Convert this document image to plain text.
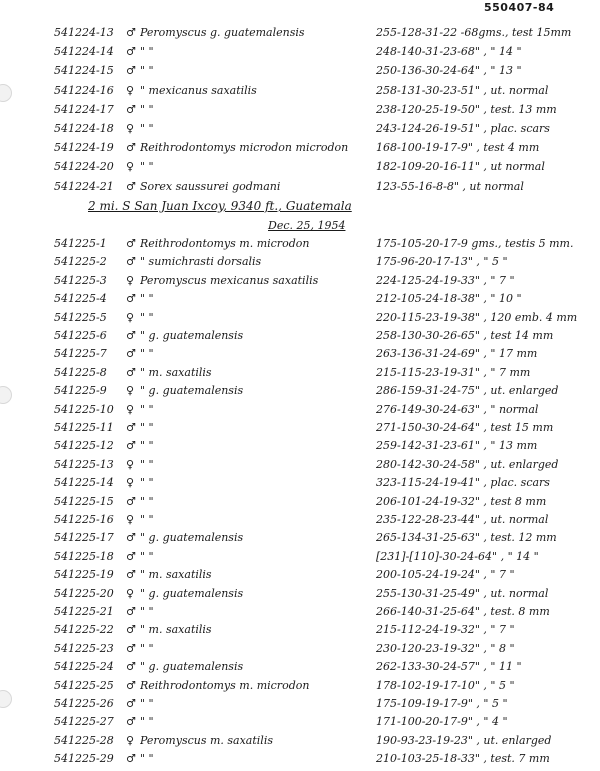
550407-84
541224-13 ♂ Peromyscus g. guatemalensis	255-128-31-22 -68gms., test 15mm
541224-14 ♂ " "	248-140-31-23-68" , " 14 "
541224-15 ♂ " "	250-136-30-24-64" , " 13 "
541224-16 ♀ " mexicanus saxatilis	258-131-30-23-51" , ut. normal
541224-17 ♂ " "	238-120-25-19-50" , test. 13 mm
541224-18 ♀ " "	243-124-26-19-51" , plac. scars
541224-19 ♂ Reithrodontomys microdon microdon	168-100-19-17-9" , test 4 mm
541224-20 ♀ " "	182-109-20-16-11" , ut normal
541224-21 ♂ Sorex saussurei godmani	123-55-16-8-8" , ut normal
2 mi. S San Juan Ixcoy, 9340 ft., Guatemala
Dec. 25, 1954
541225-1 ♂ Reithrodontomys m. microdon	175-105-20-17-9 gms., testis 5 mm.
541225-2 ♂ " sumichrasti dorsalis	175-96-20-17-13" , " 5 "
541225-3 ♀ Peromyscus mexicanus saxatilis	224-125-24-19-33" , " 7 "
541225-4 ♂ " "	212-105-24-18-38" , " 10 "
541225-5 ♀ " "	220-115-23-19-38" , 120 emb. 4 mm
541225-6 ♂ " g. guatemalensis	258-130-30-26-65" , test 14 mm
541225-7 ♂ " "	263-136-31-24-69" , " 17 mm
541225-8 ♂ " m. saxatilis	215-115-23-19-31" , " 7 mm
541225-9 ♀ " g. guatemalensis	286-159-31-24-75" , ut. enlarged
541225-10 ♀ " "	276-149-30-24-63" , " normal
541225-11 ♂ " "	271-150-30-24-64" , test 15 mm
541225-12 ♂ " "	259-142-31-23-61" , " 13 mm
541225-13 ♀ " "	280-142-30-24-58" , ut. enlarged
541225-14 ♀ " "	323-115-24-19-41" , plac. scars
541225-15 ♂ " "	206-101-24-19-32" , test 8 mm
541225-16 ♀ " "	235-122-28-23-44" , ut. normal
541225-17 ♂ " g. guatemalensis	265-134-31-25-63" , test. 12 mm
541225-18 ♂ " "	[231]-[110]-30-24-64" , " 14 "
541225-19 ♂ " m. saxatilis	200-105-24-19-24" , " 7 "
541225-20 ♀ " g. guatemalensis	255-130-31-25-49" , ut. normal
541225-21 ♂ " "	266-140-31-25-64" , test. 8 mm
541225-22 ♂ " m. saxatilis	215-112-24-19-32" , " 7 "
541225-23 ♂ " "	230-120-23-19-32" , " 8 "
541225-24 ♂ " g. guatemalensis	262-133-30-24-57" , " 11 "
541225-25 ♂ Reithrodontomys m. microdon	178-102-19-17-10" , " 5 "
541225-26 ♂ " "	175-109-19-17-9" , " 5 "
541225-27 ♂ " "	171-100-20-17-9" , " 4 "
541225-28 ♀ Peromyscus m. saxatilis	190-93-23-19-23" , ut. enlarged
541225-29 ♂ " "	210-103-25-18-33" , test. 7 mm
